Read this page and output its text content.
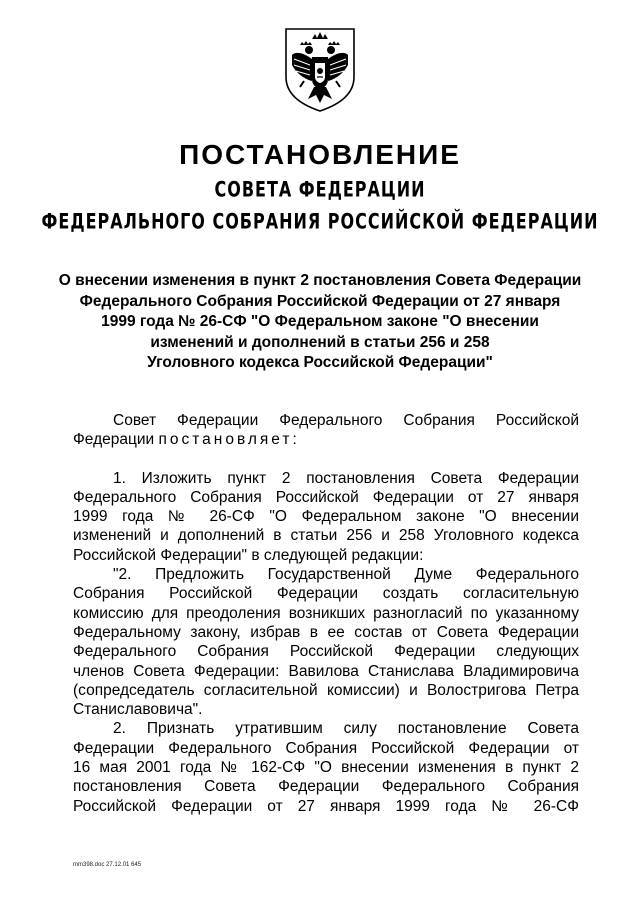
ПОСТАНОВЛЕНИЕ
СОВЕТА ФЕДЕРАЦИИ
ФЕДЕРАЛЬНОГО СОБРАНИЯ РОССИЙСКОЙ ФЕДЕРАЦИИ
О внесении изменения в пункт 2 постановления Совета Федерации
Федерального Собрания Российской Федерации от 27 января
1999 года № 26-СФ "О Федеральном законе "О внесении
изменений и дополнений в статьи 256 и 258
Уголовного кодекса Российской Федерации"

Совет Федерации Федерального Собрания Российской
Федерации постановляет:

1. Изложить пункт 2 постановления Совета Федерации
Федерального Собрания Российской Федерации от 27 января
1999 года № 26-СФ "О Федеральном законе "О внесении
изменений и дополнений в статьи 256 и 258 Уголовного кодекса
Российской Федерации" в следующей редакции:

"2. Предложить Государственной Думе Федерального
Собрания Российской Федерации создать согласительную
комиссию для преодоления возникших разногласий по указанному
Федеральному закону, избрав в ее состав от Совета Федерации
Федерального Собрания Российской Федерации следующих
членов Совета Федерации: Вавилова Станислава Владимировича
(сопредседатель согласительной комиссии) и Волостригова Петра
Станиславовича".

2. Признать утратившим силу постановление Совета
Федерации Федерального Собрания Российской Федерации от
16 мая 2001 года № 162-СФ "О внесении изменения в пункт 2
постановления Совета Федерации Федерального Собрания
Российской Федерации от 27 января 1999 года № 26-СФ

mm398.doc 27.12.01 645
